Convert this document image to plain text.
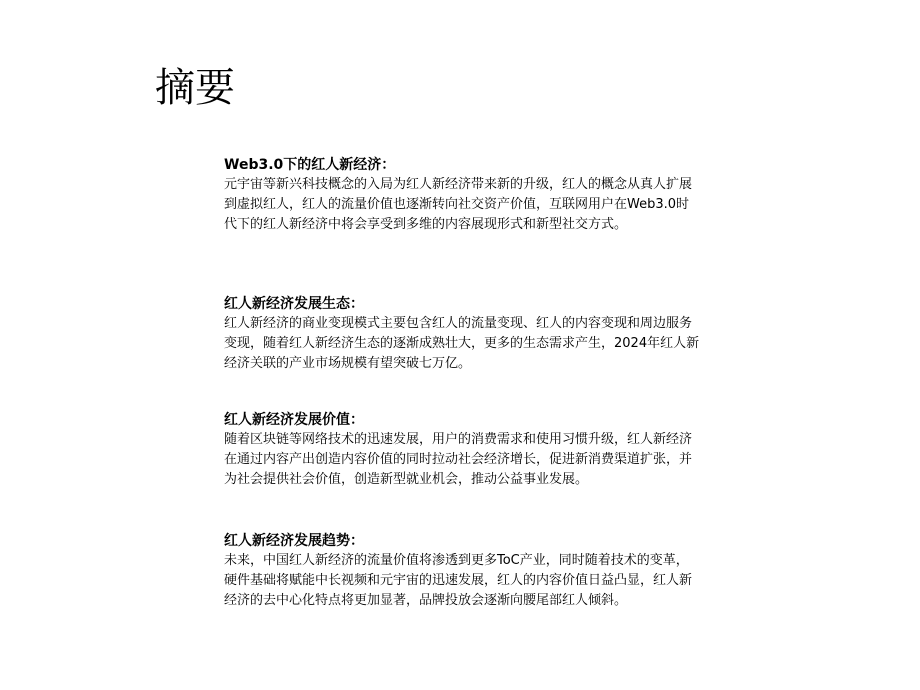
摘要

Web3.0下的红人新经济：

元宇宙等新兴科技概念的入局为红人新经济带来新的升级，红人的概念从真人扩展
到虚拟红人，红人的流量价值也逐渐转向社交资产价值，互联网用户在Web3.0时
代下的红人新经济中将会享受到多维的内容展现形式和新型社交方式。

红人新经济发展生态：

红人新经济的商业变现模式主要包含红人的流量变现、红人的内容变现和周边服务
变现，随着红人新经济生态的逐渐成熟壮大，更多的生态需求产生，2024年红人新
经济关联的产业市场规模有望突破七万亿。

红人新经济发展价值：

随着区块链等网络技术的迅速发展，用户的消费需求和使用习惯升级，红人新经济
在通过内容产出创造内容价值的同时拉动社会经济增长，促进新消费渠道扩张，并
为社会提供社会价值，创造新型就业机会，推动公益事业发展。

红人新经济发展趋势：

未来，中国红人新经济的流量价值将渗透到更多ToC产业，同时随着技术的变革，
硬件基础将赋能中长视频和元宇宙的迅速发展，红人的内容价值日益凸显，红人新
经济的去中心化特点将更加显著，品牌投放会逐渐向腰尾部红人倾斜。
